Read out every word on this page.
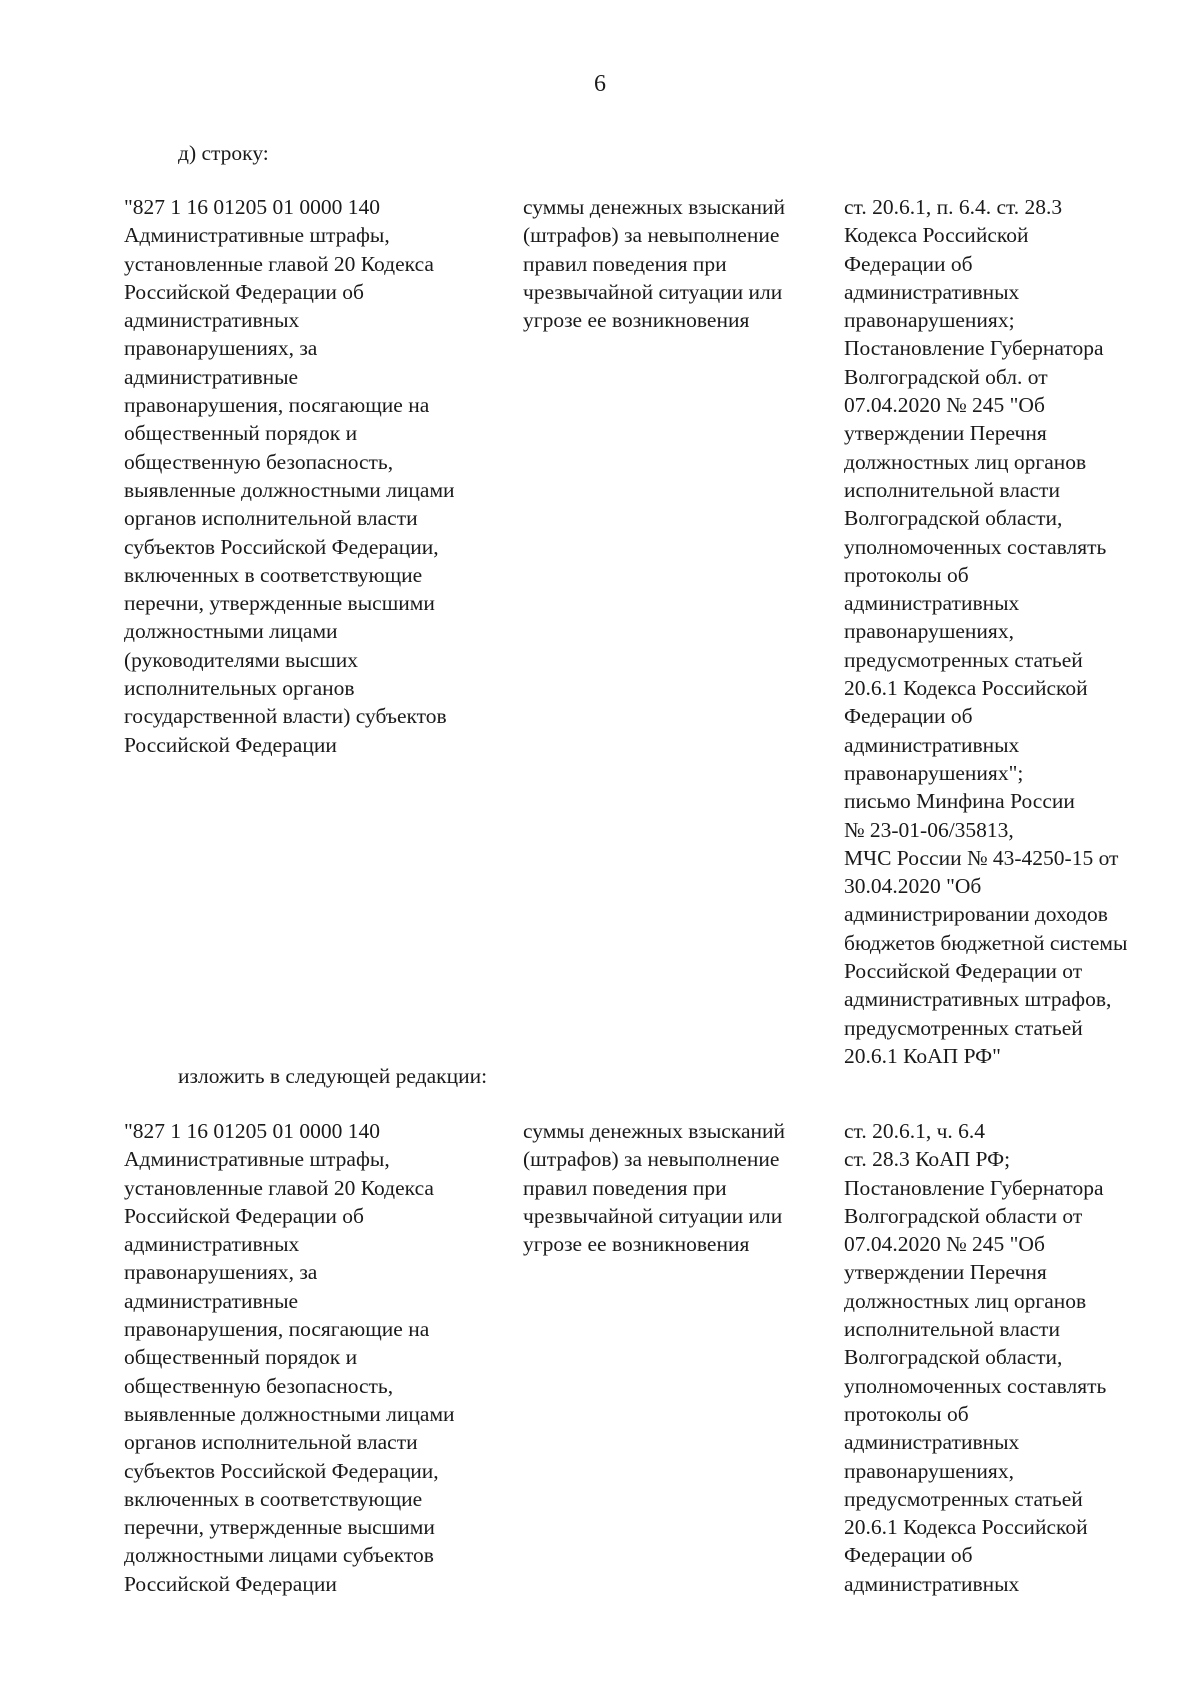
6
д) строку:
"827 1 16 01205 01 0000 140
Административные штрафы,
установленные главой 20 Кодекса
Российской Федерации об
административных
правонарушениях, за
административные
правонарушения, посягающие на
общественный порядок и
общественную безопасность,
выявленные должностными лицами
органов исполнительной власти
субъектов Российской Федерации,
включенных в соответствующие
перечни, утвержденные высшими
должностными лицами
(руководителями высших
исполнительных органов
государственной власти) субъектов
Российской Федерации
суммы денежных взысканий
(штрафов) за невыполнение
правил поведения при
чрезвычайной ситуации или
угрозе ее возникновения
ст. 20.6.1, п. 6.4. ст. 28.3
Кодекса Российской
Федерации об
административных
правонарушениях;
Постановление Губернатора
Волгоградской обл. от
07.04.2020 № 245 "Об
утверждении Перечня
должностных лиц органов
исполнительной власти
Волгоградской области,
уполномоченных составлять
протоколы об
административных
правонарушениях,
предусмотренных статьей
20.6.1 Кодекса Российской
Федерации об
административных
правонарушениях";
письмо Минфина России
№ 23-01-06/35813,
МЧС России № 43-4250-15 от
30.04.2020 "Об
администрировании доходов
бюджетов бюджетной системы
Российской Федерации от
административных штрафов,
предусмотренных статьей
20.6.1 КоАП РФ"
изложить в следующей редакции:
"827 1 16 01205 01 0000 140
Административные штрафы,
установленные главой 20 Кодекса
Российской Федерации об
административных
правонарушениях, за
административные
правонарушения, посягающие на
общественный порядок и
общественную безопасность,
выявленные должностными лицами
органов исполнительной власти
субъектов Российской Федерации,
включенных в соответствующие
перечни, утвержденные высшими
должностными лицами субъектов
Российской Федерации
суммы денежных взысканий
(штрафов) за невыполнение
правил поведения при
чрезвычайной ситуации или
угрозе ее возникновения
ст. 20.6.1, ч. 6.4
ст. 28.3 КоАП РФ;
Постановление Губернатора
Волгоградской области от
07.04.2020 № 245 "Об
утверждении Перечня
должностных лиц органов
исполнительной власти
Волгоградской области,
уполномоченных составлять
протоколы об
административных
правонарушениях,
предусмотренных статьей
20.6.1 Кодекса Российской
Федерации об
административных
